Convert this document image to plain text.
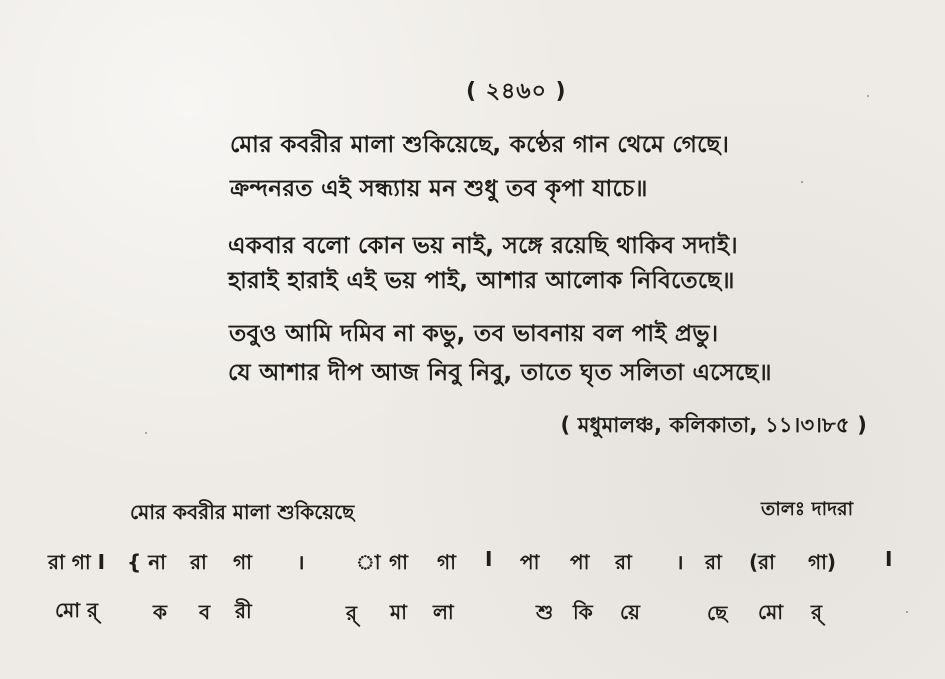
( ২৪৬০ )
মোর কবরীর মালা শুকিয়েছে, কণ্ঠের গান থেমে গেছে।
ক্রন্দনরত এই সন্ধ্যায় মন শুধু তব কৃপা যাচে॥
একবার বলো কোন ভয় নাই, সঙ্গে রয়েছি থাকিব সদাই।
হারাই হারাই এই ভয় পাই, আশার আলোক নিবিতেছে॥
তবুও আমি দমিব না কভু, তব ভাবনায় বল পাই প্রভু।
যে আশার দীপ আজ নিবু নিবু, তাতে ঘৃত সলিতা এসেছে॥
( মধুমালঞ্চ, কলিকাতা, ১১।৩।৮৫ )
মোর কবরীর মালা শুকিয়েছে	তালঃ দাদরা
রা গা I { না রা গা ।	া গা গা I পা পা রা । রা (রা গা) I
মো র্	ক ব রী	র্ মা লা	শু কি য়ে	ছে মো র্
